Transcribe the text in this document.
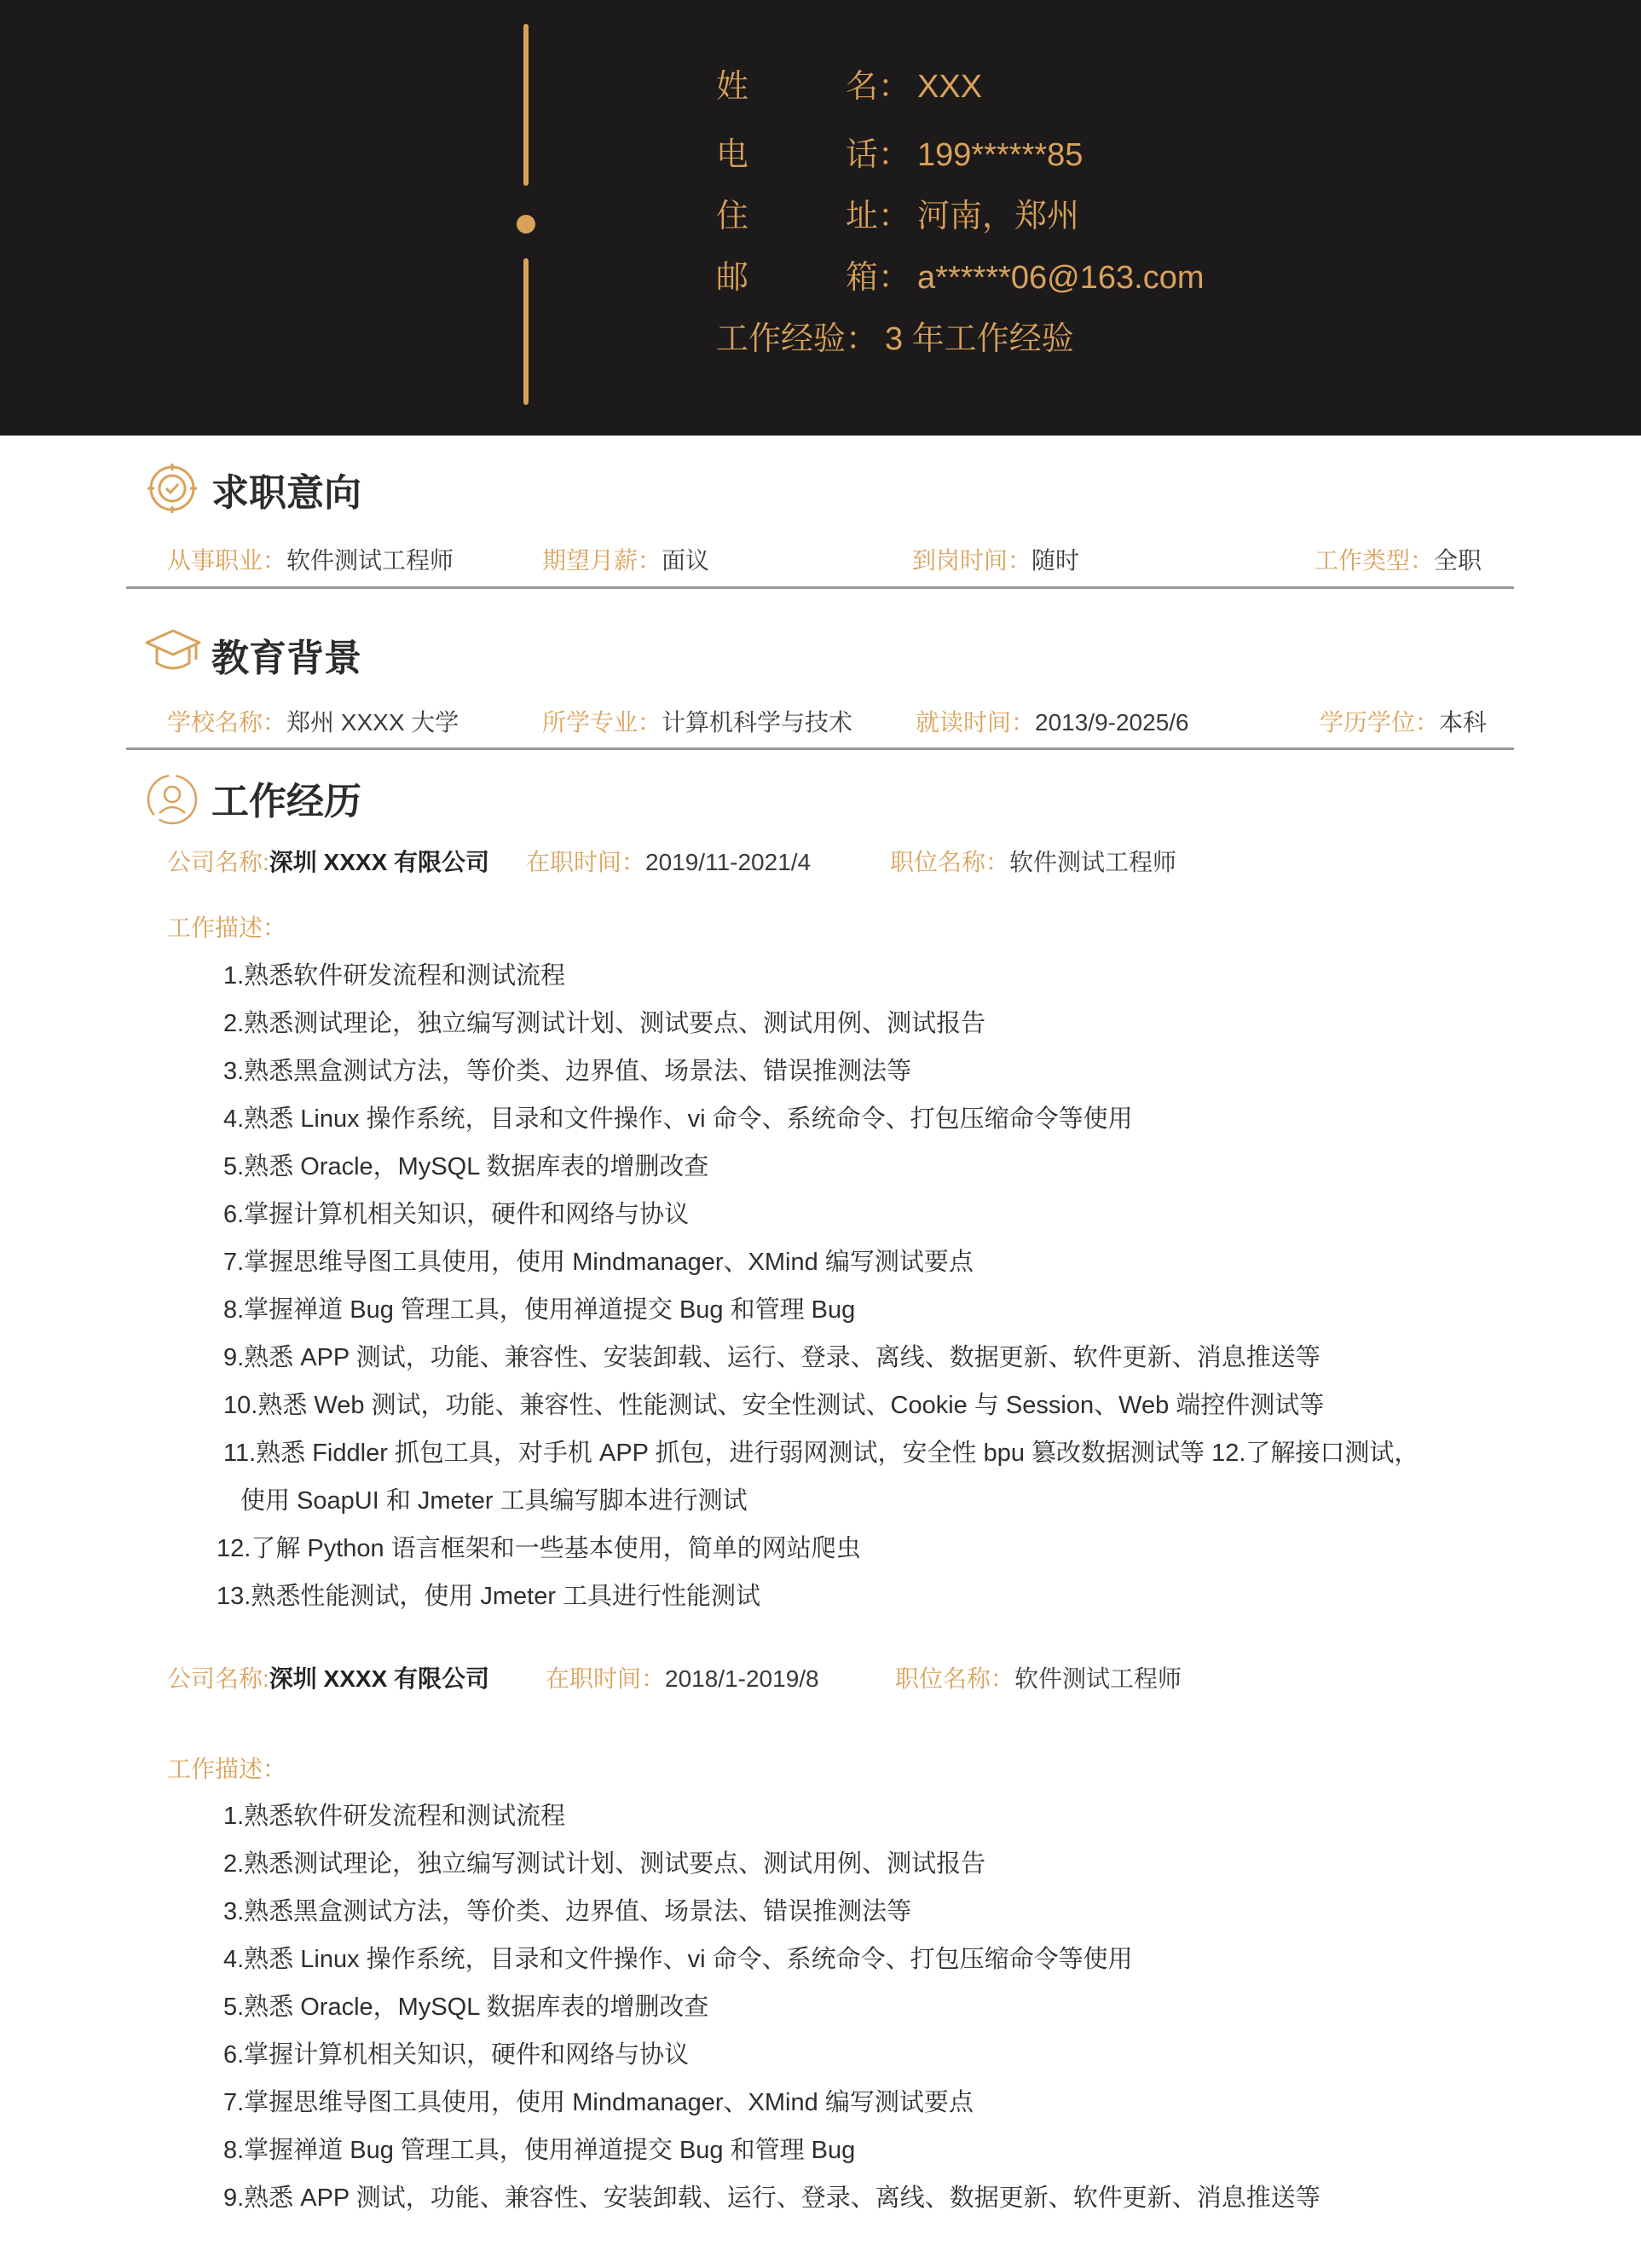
姓　　　名： XXX
电　　　话： 199******85
住　　　址： 河南，郑州
邮　　　箱： a******06@163.com
工作经验： 3 年工作经验
求职意向
从事职业：软件测试工程师	期望月薪：面议	到岗时间：随时	工作类型：全职
教育背景
学校名称：郑州 XXXX 大学	所学专业：计算机科学与技术	就读时间：2013/9-2025/6	学历学位：本科
工作经历
公司名称:深圳 XXXX 有限公司 在职时间：2019/11-2021/4	职位名称：软件测试工程师
工作描述：
1.熟悉软件研发流程和测试流程
2.熟悉测试理论，独立编写测试计划、测试要点、测试用例、测试报告
3.熟悉黑盒测试方法，等价类、边界值、场景法、错误推测法等
4.熟悉 Linux 操作系统，目录和文件操作、vi 命令、系统命令、打包压缩命令等使用
5.熟悉 Oracle，MySQL 数据库表的增删改查
6.掌握计算机相关知识，硬件和网络与协议
7.掌握思维导图工具使用，使用 Mindmanager、XMind 编写测试要点
8.掌握禅道 Bug 管理工具，使用禅道提交 Bug 和管理 Bug
9.熟悉 APP 测试，功能、兼容性、安装卸载、运行、登录、离线、数据更新、软件更新、消息推送等
10.熟悉 Web 测试，功能、兼容性、性能测试、安全性测试、Cookie 与 Session、Web 端控件测试等
11.熟悉 Fiddler 抓包工具，对手机 APP 抓包，进行弱网测试，安全性 bpu 篡改数据测试等 12.了解接口测试，
使用 SoapUI 和 Jmeter 工具编写脚本进行测试
12.了解 Python 语言框架和一些基本使用，简单的网站爬虫
13.熟悉性能测试，使用 Jmeter 工具进行性能测试
公司名称:深圳 XXXX 有限公司 在职时间：2018/1-2019/8	职位名称：软件测试工程师
工作描述：
1.熟悉软件研发流程和测试流程
2.熟悉测试理论，独立编写测试计划、测试要点、测试用例、测试报告
3.熟悉黑盒测试方法，等价类、边界值、场景法、错误推测法等
4.熟悉 Linux 操作系统，目录和文件操作、vi 命令、系统命令、打包压缩命令等使用
5.熟悉 Oracle，MySQL 数据库表的增删改查
6.掌握计算机相关知识，硬件和网络与协议
7.掌握思维导图工具使用，使用 Mindmanager、XMind 编写测试要点
8.掌握禅道 Bug 管理工具，使用禅道提交 Bug 和管理 Bug
9.熟悉 APP 测试，功能、兼容性、安装卸载、运行、登录、离线、数据更新、软件更新、消息推送等
